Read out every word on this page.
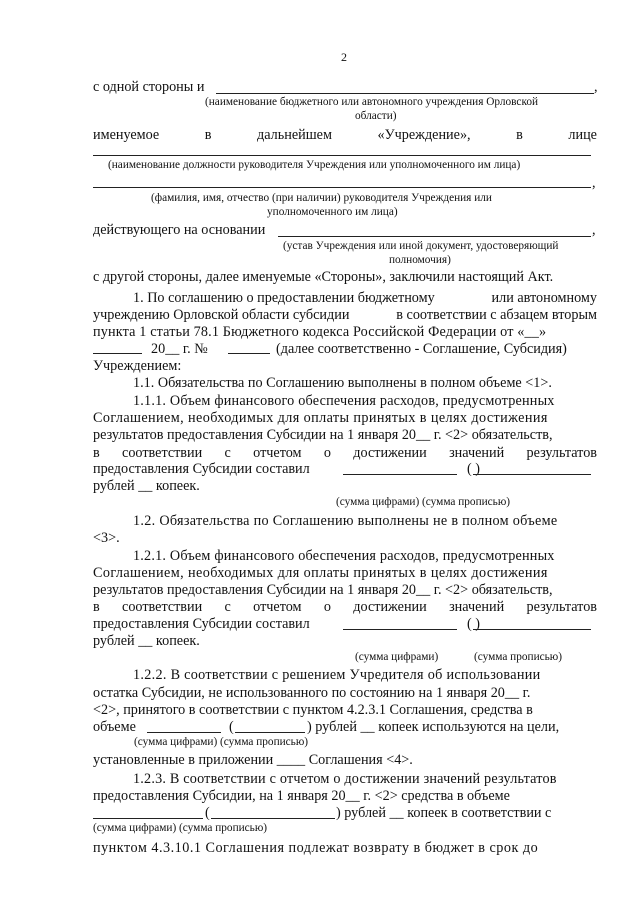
2
с одной стороны и	,
(наименование бюджетного или автономного учреждения Орловской
области)
именуемое	в	дальнейшем	«Учреждение»,	в	лице
(наименование должности руководителя Учреждения или уполномоченного им лица)
,
(фамилия, имя, отчество (при наличии) руководителя Учреждения или
уполномоченного им лица)
действующего на основании	,
(устав Учреждения или иной документ, удостоверяющий
полномочия)
с другой стороны, далее именуемые «Стороны», заключили настоящий Акт.
1. По соглашению о предоставлении бюджетному	или автономному
учреждению Орловской области субсидии	в соответствии с абзацем вторым
пункта 1 статьи 78.1 Бюджетного кодекса Российской Федерации от «__»
20__ г. №	(далее соответственно - Соглашение, Субсидия)
Учреждением:
1.1. Обязательства по Соглашению выполнены в полном объеме <1>.
1.1.1. Объем финансового обеспечения расходов, предусмотренных
Соглашением, необходимых для оплаты принятых в целях достижения
результатов предоставления Субсидии на 1 января 20__ г. <2> обязательств,
в соответствии с отчетом о достижении значений результатов
предоставления Субсидии составил	( )
рублей __ копеек.
(сумма цифрами) (сумма прописью)
1.2. Обязательства по Соглашению выполнены не в полном объеме
<3>.
1.2.1. Объем финансового обеспечения расходов, предусмотренных
Соглашением, необходимых для оплаты принятых в целях достижения
результатов предоставления Субсидии на 1 января 20__ г. <2> обязательств,
в соответствии с отчетом о достижении значений результатов
предоставления Субсидии составил	( )
рублей __ копеек.
(сумма цифрами)	(сумма прописью)
1.2.2. В соответствии с решением Учредителя об использовании
остатка Субсидии, не использованного по состоянию на 1 января 20__ г.
<2>, принятого в соответствии с пунктом 4.2.3.1 Соглашения, средства в
объеме	(	) рублей __ копеек используются на цели,
(сумма цифрами) (сумма прописью)
установленные в приложении ____ Соглашения <4>.
1.2.3. В соответствии с отчетом о достижении значений результатов
предоставления Субсидии, на 1 января 20__ г. <2> средства в объеме
(	) рублей __ копеек в соответствии с
(сумма цифрами) (сумма прописью)
пунктом 4.3.10.1 Соглашения подлежат возврату в бюджет в срок до
